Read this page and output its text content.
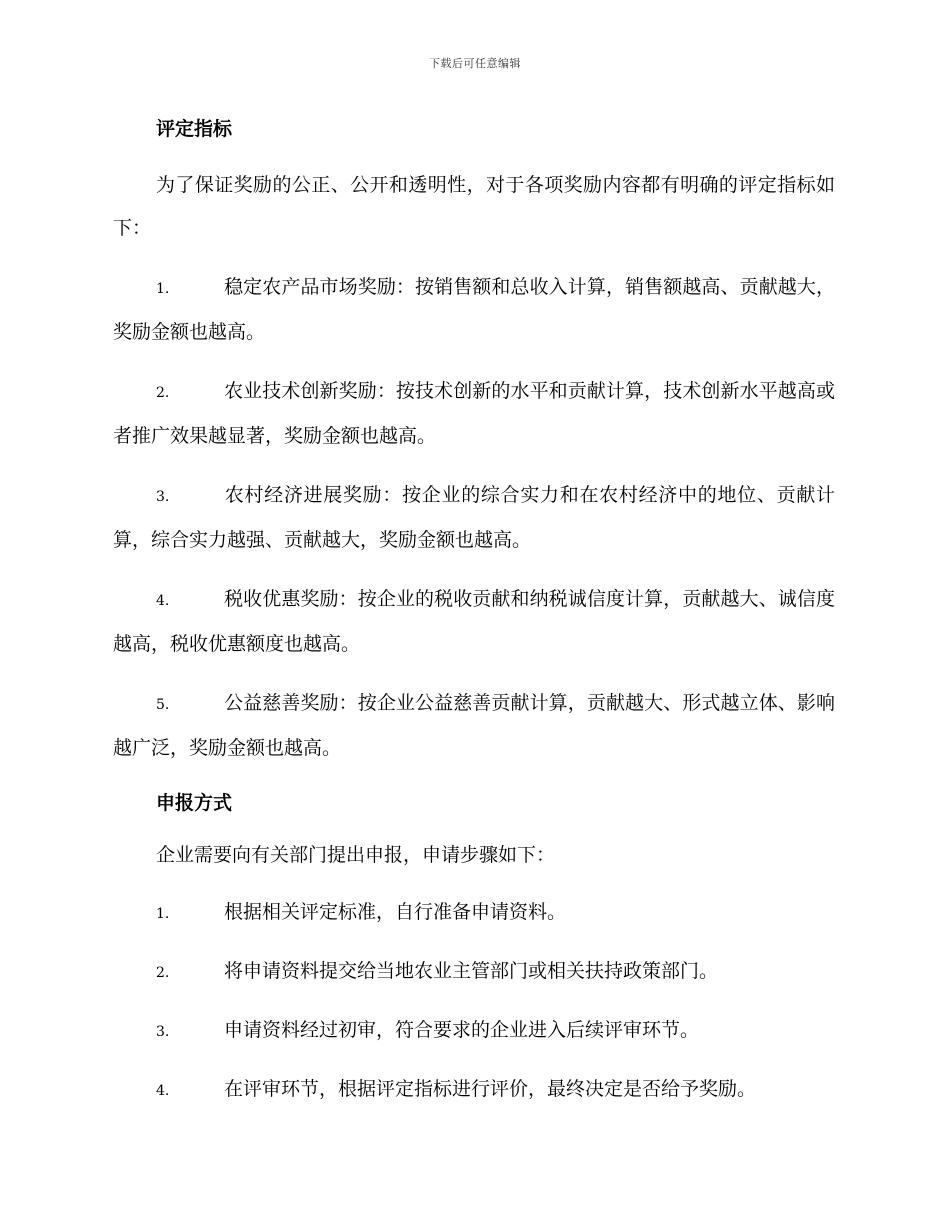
下载后可任意编辑
评定指标

为了保证奖励的公正、公开和透明性，对于各项奖励内容都有明确的评定指标如下：

1.	稳定农产品市场奖励：按销售额和总收入计算，销售额越高、贡献越大，奖励金额也越高。

2.	农业技术创新奖励：按技术创新的水平和贡献计算，技术创新水平越高或者推广效果越显著，奖励金额也越高。

3.	农村经济进展奖励：按企业的综合实力和在农村经济中的地位、贡献计算，综合实力越强、贡献越大，奖励金额也越高。

4.	税收优惠奖励：按企业的税收贡献和纳税诚信度计算，贡献越大、诚信度越高，税收优惠额度也越高。

5.	公益慈善奖励：按企业公益慈善贡献计算，贡献越大、形式越立体、影响越广泛，奖励金额也越高。

申报方式

企业需要向有关部门提出申报，申请步骤如下：

1.	根据相关评定标准，自行准备申请资料。

2.	将申请资料提交给当地农业主管部门或相关扶持政策部门。

3.	申请资料经过初审，符合要求的企业进入后续评审环节。

4.	在评审环节，根据评定指标进行评价，最终决定是否给予奖励。
